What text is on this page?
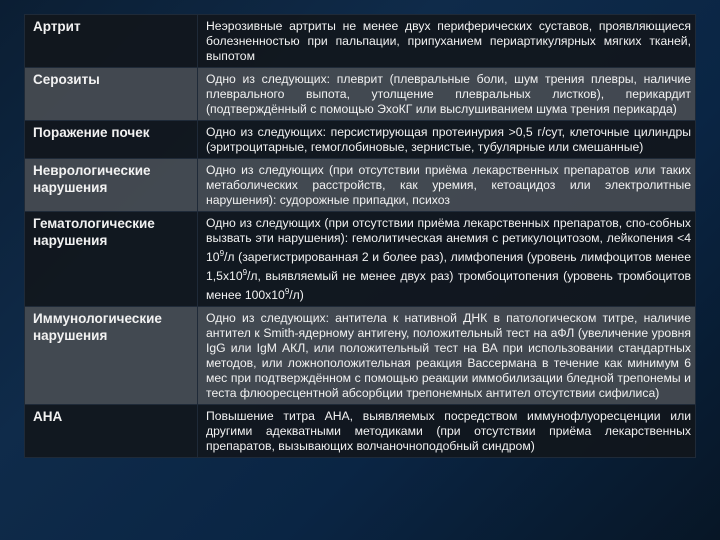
Артрит	Неэрозивные артриты не менее двух периферических суставов, проявляющиеся болезненностью при пальпации, припуханием периартикулярных мягких тканей, выпотом
Серозиты	Одно из следующих: плеврит (плевральные боли, шум трения плевры, наличие плеврального выпота, утолщение плевральных листков), перикардит (подтверждённый с помощью ЭхоКГ или выслушиванием шума трения перикарда)
Поражение почек	Одно из следующих: персистирующая протеинурия >0,5 г/сут, клеточные цилиндры (эритроцитарные, гемоглобиновые, зернистые, тубулярные или смешанные)
Неврологические нарушения	Одно из следующих (при отсутствии приёма лекарственных препаратов или таких метаболических расстройств, как уремия, кетоацидоз или электролитные нарушения): судорожные припадки, психоз
Гематологические нарушения	Одно из следующих (при отсутствии приёма лекарственных препаратов, спо-собных вызвать эти нарушения): гемолитическая анемия с ретикулоцитозом, лейкопения <4 $10^9/л$ (зарегистрированная 2 и более раз), лимфопения (уровень лимфоцитов менее $1,5х10^9/л$, выявляемый не менее двух раз) тромбоцитопения (уровень тромбоцитов менее $100х10^9/л$)
Иммунологические нарушения	Одно из следующих: антитела к нативной ДНК в патологическом титре, наличие антител к Smith-ядерному антигену, положительный тест на аФЛ (увеличение уровня IgG или IgM АКЛ, или положительный тест на ВА при использовании стандартных методов, или ложноположительная реакция Вассермана в течение как минимум 6 мес при подтверждённом с помощью реакции иммобилизации бледной трепонемы и теста флюоресцентной абсорбции трепонемных антител отсутствии сифилиса)
АНА	Повышение титра АНА, выявляемых посредством иммунофлуоресценции или другими адекватными методиками (при отсутствии приёма лекарственных препаратов, вызывающих волчаночноподобный синдром)
